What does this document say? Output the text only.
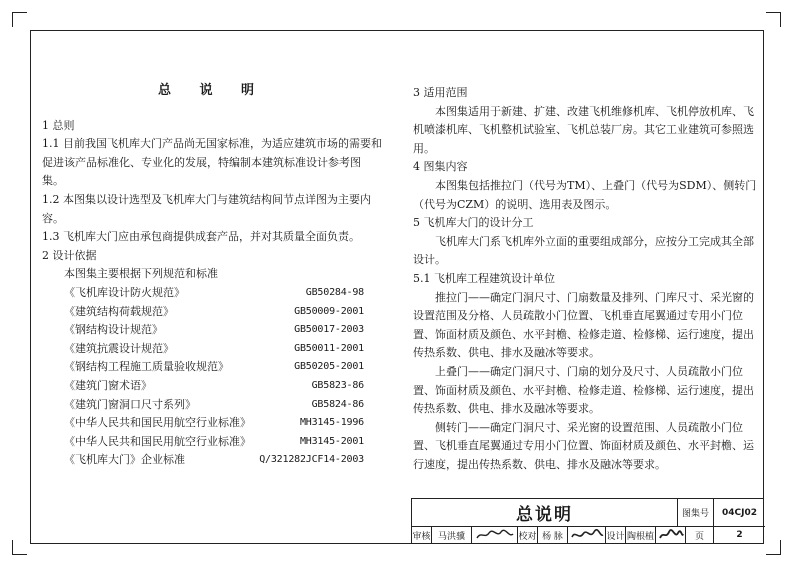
总 说 明

1 总则

1.1 目前我国飞机库大门产品尚无国家标准，为适应建筑市场的需要和促进该产品标准化、专业化的发展，特编制本建筑标准设计参考图集。

1.2 本图集以设计选型及飞机库大门与建筑结构间节点详图为主要内容。

1.3 飞机库大门应由承包商提供成套产品，并对其质量全面负责。

2 设计依据

本图集主要根据下列规范和标准

《飞机库设计防火规范》	GB50284-98
《建筑结构荷载规范》	GB50009-2001
《钢结构设计规范》	GB50017-2003
《建筑抗震设计规范》	GB50011-2001
《钢结构工程施工质量验收规范》	GB50205-2001
《建筑门窗术语》	GB5823-86
《建筑门窗洞口尺寸系列》	GB5824-86
《中华人民共和国民用航空行业标准》	MH3145-1996
《中华人民共和国民用航空行业标准》	MH3145-2001
《飞机库大门》企业标准	Q/321282JCF14-2003

3 适用范围

本图集适用于新建、扩建、改建飞机维修机库、飞机停放机库、飞机喷漆机库、飞机整机试验室、飞机总装厂房。其它工业建筑可参照选用。

4 图集内容

本图集包括推拉门（代号为TM）、上叠门（代号为SDM）、侧转门（代号为CZM）的说明、选用表及图示。

5 飞机库大门的设计分工

飞机库大门系飞机库外立面的重要组成部分，应按分工完成其全部设计。

5.1 飞机库工程建筑设计单位

推拉门——确定门洞尺寸、门扇数量及排列、门库尺寸、采光窗的设置范围及分格、人员疏散小门位置、飞机垂直尾翼通过专用小门位置、饰面材质及颜色、水平封檐、检修走道、检修梯、运行速度，提出传热系数、供电、排水及融冰等要求。

上叠门——确定门洞尺寸、门扇的划分及尺寸、人员疏散小门位置、饰面材质及颜色、水平封檐、检修走道、检修梯、运行速度，提出传热系数、供电、排水及融冰等要求。

侧转门——确定门洞尺寸、采光窗的设置范围、人员疏散小门位置、飞机垂直尾翼通过专用小门位置、饰面材质及颜色、水平封檐、运行速度，提出传热系数、供电、排水及融冰等要求。

总说明	图集号	04CJ02
审核 马洪骥	校对 杨 脉	设计 陶根植	页	2
